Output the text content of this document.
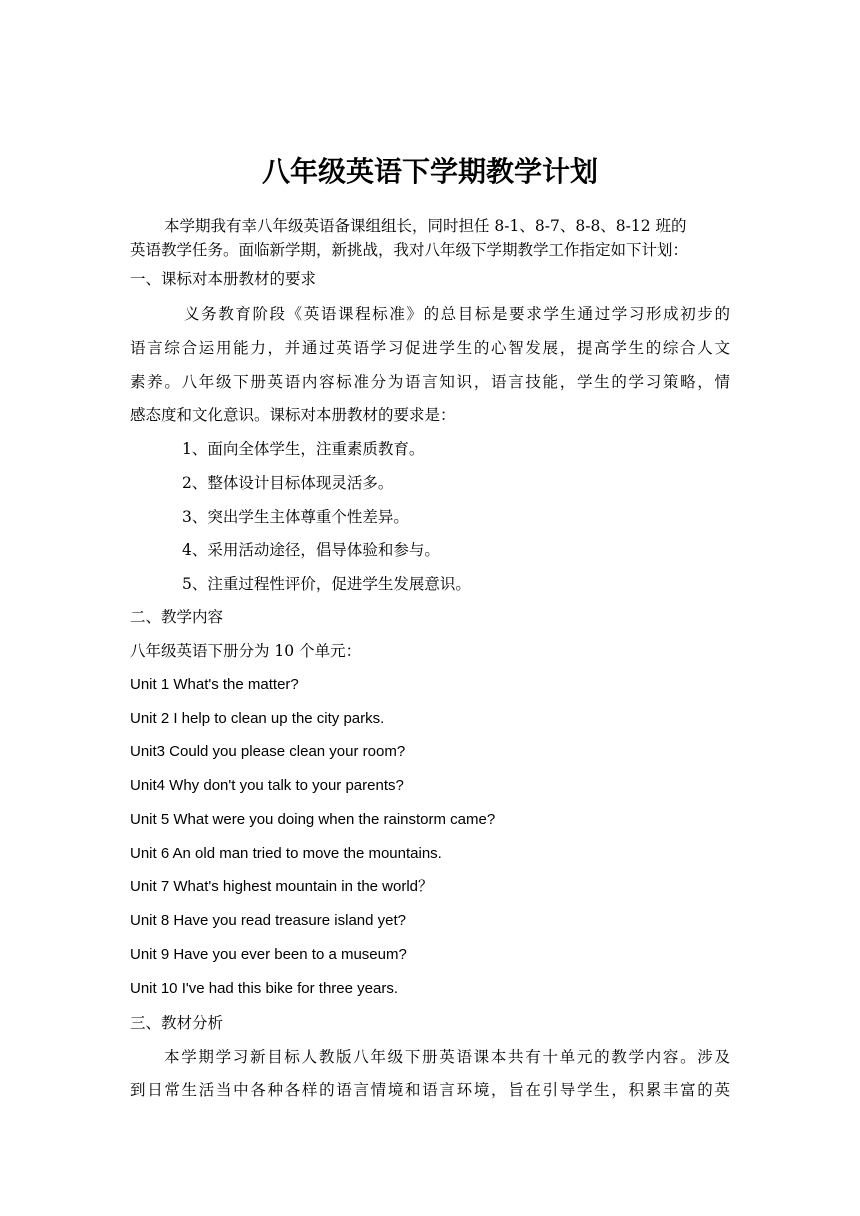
八年级英语下学期教学计划

本学期我有幸八年级英语备课组组长，同时担任 8-1、8-7、8-8、8-12 班的

英语教学任务。面临新学期，新挑战，我对八年级下学期教学工作指定如下计划：

一、课标对本册教材的要求

义务教育阶段《英语课程标准》的总目标是要求学生通过学习形成初步的

语言综合运用能力，并通过英语学习促进学生的心智发展，提高学生的综合人文

素养。八年级下册英语内容标准分为语言知识，语言技能，学生的学习策略，情

感态度和文化意识。课标对本册教材的要求是：

1、面向全体学生，注重素质教育。

2、整体设计目标体现灵活多。

3、突出学生主体尊重个性差异。

4、采用活动途径，倡导体验和参与。

5、注重过程性评价，促进学生发展意识。

二、教学内容

八年级英语下册分为 10 个单元：

Unit 1 What's the matter?

Unit 2 I help to clean up the city parks.

Unit3 Could you please clean your room?

Unit4 Why don't you talk to your parents?

Unit 5 What were you doing when the rainstorm came?

Unit 6 An old man tried to move the mountains.

Unit 7 What's highest mountain in the world？

Unit 8 Have you read treasure island yet?

Unit 9 Have you ever been to a museum?

Unit 10 I've had this bike for three years.

三、教材分析

本学期学习新目标人教版八年级下册英语课本共有十单元的教学内容。涉及

到日常生活当中各种各样的语言情境和语言环境，旨在引导学生，积累丰富的英
